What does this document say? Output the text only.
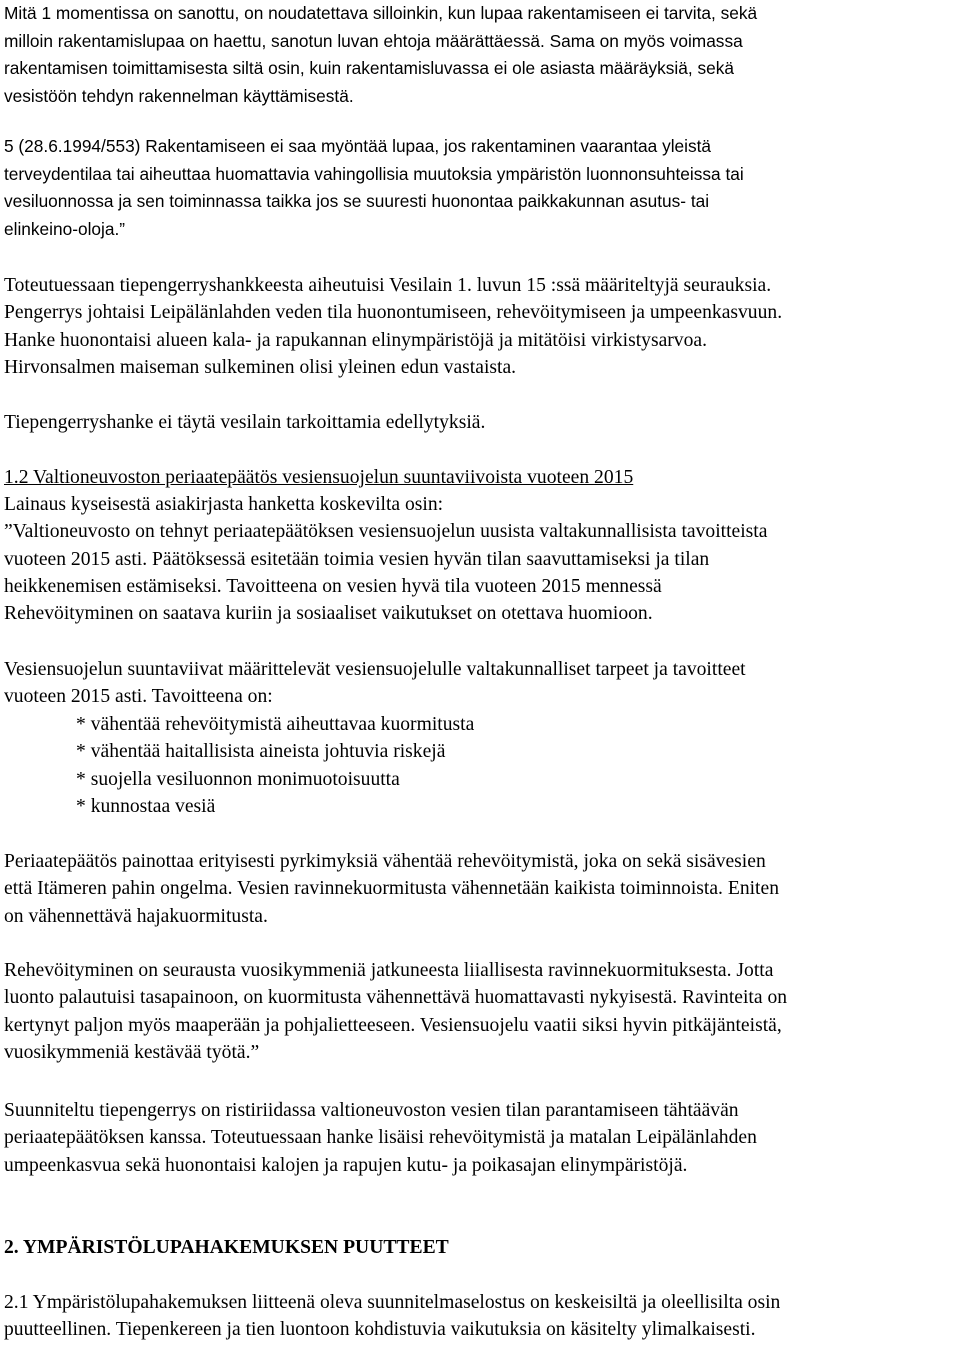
Mitä 1 momentissa on sanottu, on noudatettava silloinkin, kun lupaa rakentamiseen ei tarvita, sekä
milloin rakentamislupaa on haettu, sanotun luvan ehtoja määrättäessä. Sama on myös voimassa
rakentamisen toimittamisesta siltä osin, kuin rakentamisluvassa ei ole asiasta määräyksiä, sekä
vesistöön tehdyn rakennelman käyttämisestä.

5 (28.6.1994/553) Rakentamiseen ei saa myöntää lupaa, jos rakentaminen vaarantaa yleistä
terveydentilaa tai aiheuttaa huomattavia vahingollisia muutoksia ympäristön luonnonsuhteissa tai
vesiluonnossa ja sen toiminnassa taikka jos se suuresti huonontaa paikkakunnan asutus- tai
elinkeino-oloja.”

Toteutuessaan tiepengerryshankkeesta aiheutuisi Vesilain 1. luvun 15 :ssä määriteltyjä seurauksia.
Pengerrys johtaisi Leipälänlahden veden tila huonontumiseen, rehevöitymiseen ja umpeenkasvuun.
Hanke huonontaisi alueen kala- ja rapukannan elinympäristöjä ja mitätöisi virkistysarvoa.
Hirvonsalmen maiseman sulkeminen olisi yleinen edun vastaista.

Tiepengerryshanke ei täytä vesilain tarkoittamia edellytyksiä.

1.2 Valtioneuvoston periaatepäätös vesiensuojelun suuntaviivoista vuoteen 2015

Lainaus kyseisestä asiakirjasta hanketta koskevilta osin:
”Valtioneuvosto on tehnyt periaatepäätöksen vesiensuojelun uusista valtakunnallisista tavoitteista
vuoteen 2015 asti. Päätöksessä esitetään toimia vesien hyvän tilan saavuttamiseksi ja tilan
heikkenemisen estämiseksi. Tavoitteena on vesien hyvä tila vuoteen 2015 mennessä
Rehevöityminen on saatava kuriin ja sosiaaliset vaikutukset on otettava huomioon.

Vesiensuojelun suuntaviivat määrittelevät vesiensuojelulle valtakunnalliset tarpeet ja tavoitteet
vuoteen 2015 asti. Tavoitteena on:

* vähentää rehevöitymistä aiheuttavaa kuormitusta
* vähentää haitallisista aineista johtuvia riskejä
* suojella vesiluonnon monimuotoisuutta
* kunnostaa vesiä

Periaatepäätös painottaa erityisesti pyrkimyksiä vähentää rehevöitymistä, joka on sekä sisävesien
että Itämeren pahin ongelma. Vesien ravinnekuormitusta vähennetään kaikista toiminnoista. Eniten
on vähennettävä hajakuormitusta.

Rehevöityminen on seurausta vuosikymmeniä jatkuneesta liiallisesta ravinnekuormituksesta. Jotta
luonto palautuisi tasapainoon, on kuormitusta vähennettävä huomattavasti nykyisestä. Ravinteita on
kertynyt paljon myös maaperään ja pohjalietteeseen. Vesiensuojelu vaatii siksi hyvin pitkäjänteistä,
vuosikymmeniä kestävää työtä.”

Suunniteltu tiepengerrys on ristiriidassa valtioneuvoston vesien tilan parantamiseen tähtäävän
periaatepäätöksen kanssa. Toteutuessaan hanke lisäisi rehevöitymistä ja matalan Leipälänlahden
umpeenkasvua sekä huonontaisi kalojen ja rapujen kutu- ja poikasajan elinympäristöjä.

2. YMPÄRISTÖLUPAHAKEMUKSEN PUUTTEET

2.1 Ympäristölupahakemuksen liitteenä oleva suunnitelmaselostus on keskeisiltä ja oleellisilta osin
puutteellinen. Tiepenkereen ja tien luontoon kohdistuvia vaikutuksia on käsitelty ylimalkaisesti.
